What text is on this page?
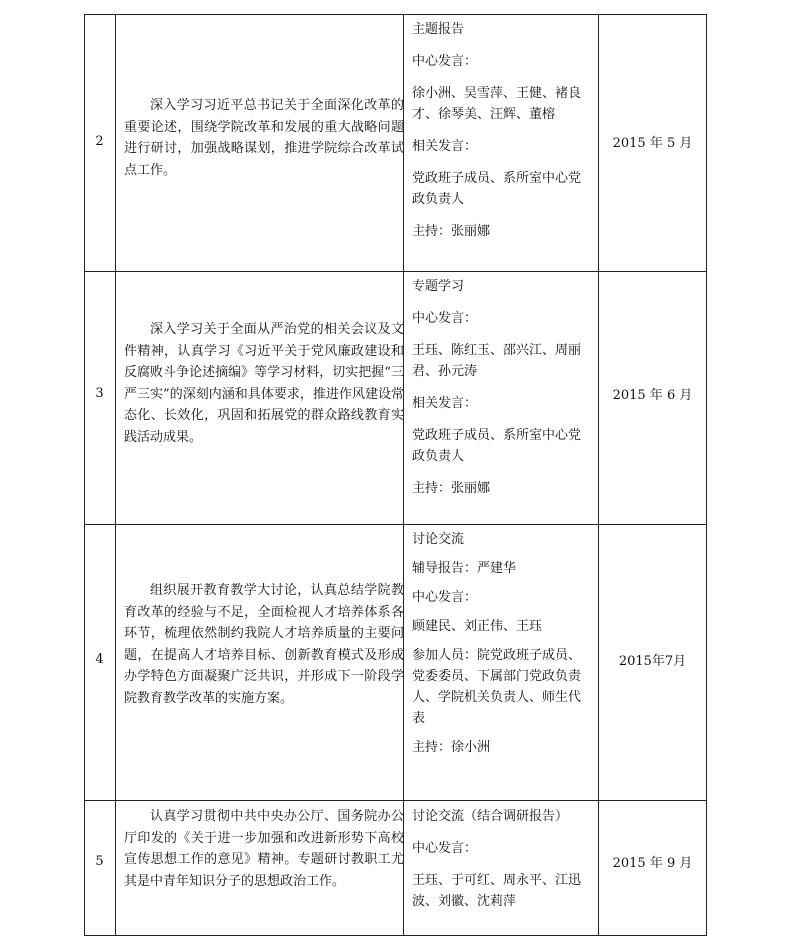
2
深入学习习近平总书记关于全面深化改革的重要论述，围绕学院改革和发展的重大战略问题进行研讨，加强战略谋划，推进学院综合改革试点工作。

主题报告

中心发言：

徐小洲、吴雪萍、王健、褚良才、徐琴美、汪辉、董榕

相关发言：

党政班子成员、系所室中心党政负责人

主持：张丽娜

2015 年 5 月
3
深入学习关于全面从严治党的相关会议及文件精神，认真学习《习近平关于党风廉政建设和反腐败斗争论述摘编》等学习材料，切实把握“三严三实”的深刻内涵和具体要求，推进作风建设常态化、长效化，巩固和拓展党的群众路线教育实践活动成果。

专题学习

中心发言：

王珏、陈红玉、邵兴江、周丽君、孙元涛

相关发言：

党政班子成员、系所室中心党政负责人

主持：张丽娜

2015 年 6 月
4
组织展开教育教学大讨论，认真总结学院教育改革的经验与不足，全面检视人才培养体系各环节，梳理依然制约我院人才培养质量的主要问题，在提高人才培养目标、创新教育模式及形成办学特色方面凝聚广泛共识，并形成下一阶段学院教育教学改革的实施方案。

讨论交流

辅导报告：严建华

中心发言：

顾建民、刘正伟、王珏

参加人员：院党政班子成员、党委委员、下属部门党政负责人、学院机关负责人、师生代表

主持：徐小洲

2015年7月
5
认真学习贯彻中共中央办公厅、国务院办公厅印发的《关于进一步加强和改进新形势下高校宣传思想工作的意见》精神。专题研讨教职工尤其是中青年知识分子的思想政治工作。

讨论交流（结合调研报告）

中心发言：

王珏、于可红、周永平、江迅波、刘徽、沈莉萍

2015 年 9 月
